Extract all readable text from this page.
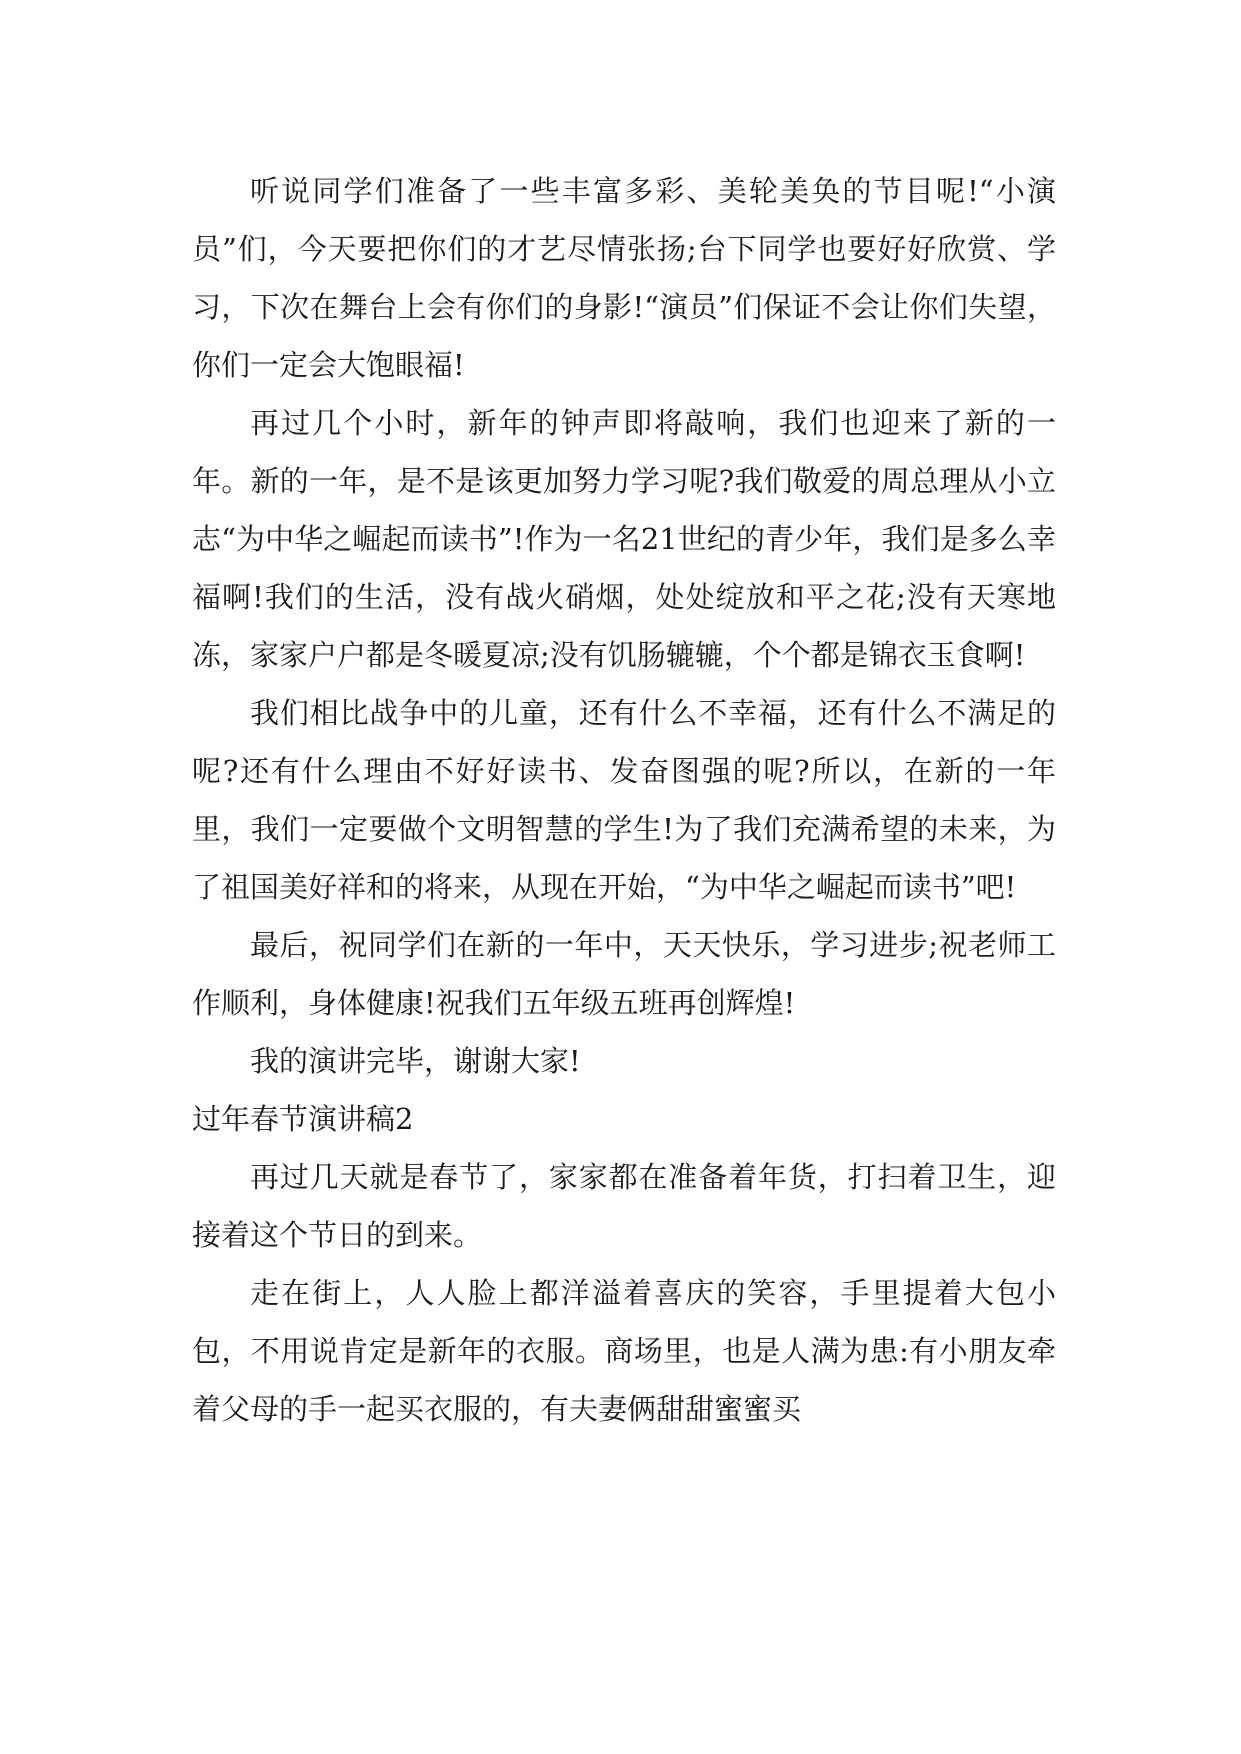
听说同学们准备了一些丰富多彩、美轮美奂的节目呢!“小演员”们，今天要把你们的才艺尽情张扬;台下同学也要好好欣赏、学习，下次在舞台上会有你们的身影!“演员”们保证不会让你们失望，你们一定会大饱眼福!

再过几个小时，新年的钟声即将敲响，我们也迎来了新的一年。新的一年，是不是该更加努力学习呢?我们敬爱的周总理从小立志“为中华之崛起而读书”!作为一名21世纪的青少年，我们是多么幸福啊!我们的生活，没有战火硝烟，处处绽放和平之花;没有天寒地冻，家家户户都是冬暖夏凉;没有饥肠辘辘，个个都是锦衣玉食啊!

我们相比战争中的儿童，还有什么不幸福，还有什么不满足的呢?还有什么理由不好好读书、发奋图强的呢?所以，在新的一年里，我们一定要做个文明智慧的学生!为了我们充满希望的未来，为了祖国美好祥和的将来，从现在开始，“为中华之崛起而读书”吧!

最后，祝同学们在新的一年中，天天快乐，学习进步;祝老师工作顺利，身体健康!祝我们五年级五班再创辉煌!

我的演讲完毕，谢谢大家!

过年春节演讲稿2

再过几天就是春节了，家家都在准备着年货，打扫着卫生，迎接着这个节日的到来。

走在街上，人人脸上都洋溢着喜庆的笑容，手里提着大包小包，不用说肯定是新年的衣服。商场里，也是人满为患:有小朋友牵着父母的手一起买衣服的，有夫妻俩甜甜蜜蜜买
